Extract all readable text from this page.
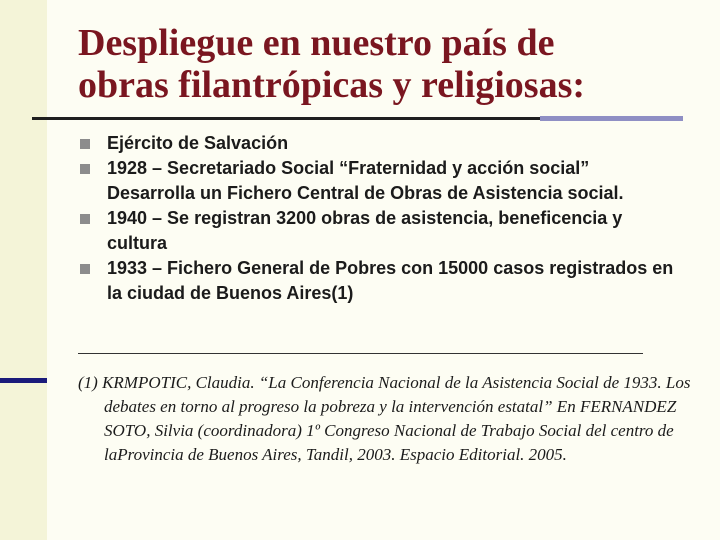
Despliegue en nuestro país de
obras filantrópicas y religiosas:
Ejército de Salvación
1928 – Secretariado Social “Fraternidad y acción social” Desarrolla un Fichero Central de Obras de Asistencia social.
1940 – Se registran 3200 obras de asistencia, beneficencia y cultura
1933 – Fichero General de Pobres con 15000 casos registrados en la ciudad de Buenos Aires(1)

(1) KRMPOTIC, Claudia. “La Conferencia Nacional de la Asistencia Social de 1933. Los debates en torno al progreso la pobreza y la intervención estatal” En FERNANDEZ SOTO, Silvia (coordinadora) 1º Congreso Nacional de Trabajo Social del centro de laProvincia de Buenos Aires, Tandil, 2003. Espacio Editorial. 2005.
